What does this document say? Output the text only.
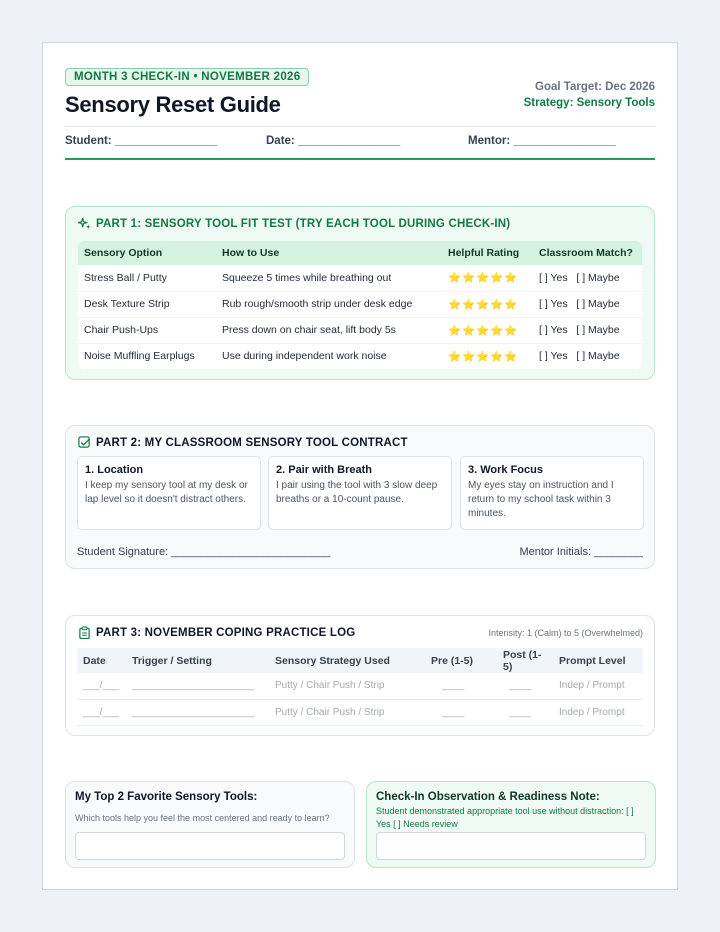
MONTH 3 CHECK-IN • NOVEMBER 2026
Sensory Reset Guide
Goal Target: Dec 2026
Strategy: Sensory Tools
Student: ________________	Date: ________________	Mentor: ________________
PART 1: SENSORY TOOL FIT TEST (TRY EACH TOOL DURING CHECK-IN)
Sensory Option	How to Use	Helpful Rating	Classroom Match?
Stress Ball / Putty	Squeeze 5 times while breathing out	⭐⭐⭐⭐⭐	[ ] Yes   [ ] Maybe
Desk Texture Strip	Rub rough/smooth strip under desk edge	⭐⭐⭐⭐⭐	[ ] Yes   [ ] Maybe
Chair Push-Ups	Press down on chair seat, lift body 5s	⭐⭐⭐⭐⭐	[ ] Yes   [ ] Maybe
Noise Muffling Earplugs	Use during independent work noise	⭐⭐⭐⭐⭐	[ ] Yes   [ ] Maybe
PART 2: MY CLASSROOM SENSORY TOOL CONTRACT
1. Location
I keep my sensory tool at my desk or lap level so it doesn't distract others.
2. Pair with Breath
I pair using the tool with 3 slow deep breaths or a 10-count pause.
3. Work Focus
My eyes stay on instruction and I return to my school task within 3 minutes.
Student Signature: __________________________	Mentor Initials: ________
PART 3: NOVEMBER COPING PRACTICE LOG	Intensity: 1 (Calm) to 5 (Overwhelmed)
Date	Trigger / Setting	Sensory Strategy Used	Pre (1-5)	Post (1-5)	Prompt Level
___/___	______________________	Putty / Chair Push / Strip	____	____	Indep / Prompt
___/___	______________________	Putty / Chair Push / Strip	____	____	Indep / Prompt
My Top 2 Favorite Sensory Tools:
Which tools help you feel the most centered and ready to learn?
Check-In Observation & Readiness Note:
Student demonstrated appropriate tool use without distraction: [ ] Yes [ ] Needs review
